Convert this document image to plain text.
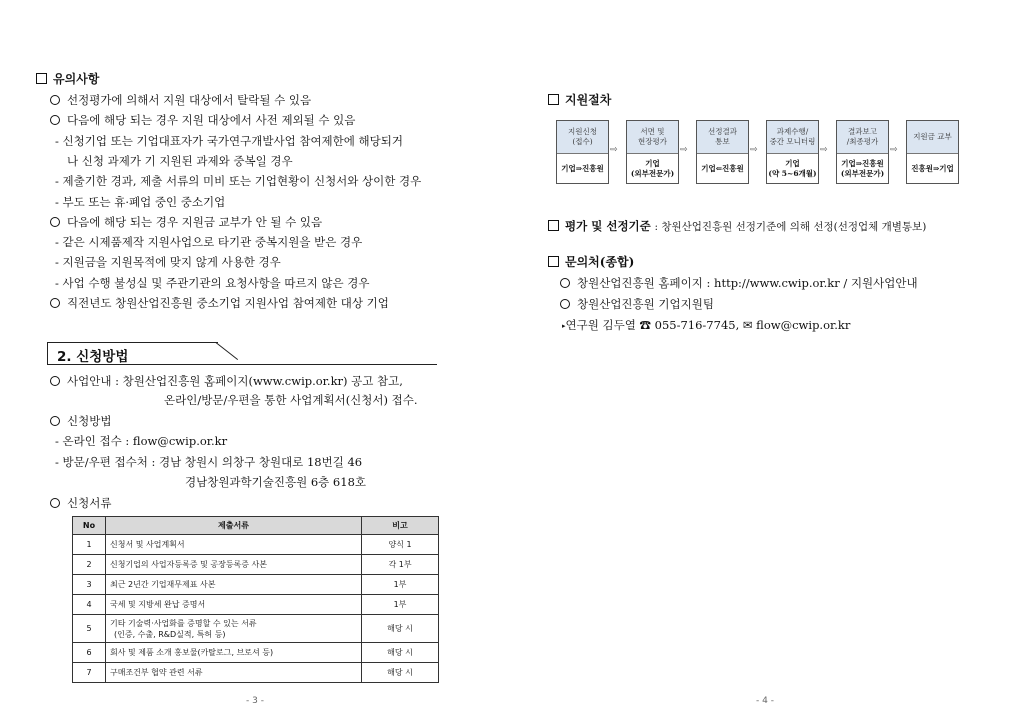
유의사항
선정평가에 의해서 지원 대상에서 탈락될 수 있음
다음에 해당 되는 경우 지원 대상에서 사전 제외될 수 있음
- 신청기업 또는 기업대표자가 국가연구개발사업 참여제한에 해당되거
나 신청 과제가 기 지원된 과제와 중복일 경우
- 제출기한 경과, 제출 서류의 미비 또는 기업현황이 신청서와 상이한 경우
- 부도 또는 휴·폐업 중인 중소기업
다음에 해당 되는 경우 지원금 교부가 안 될 수 있음
- 같은 시제품제작 지원사업으로 타기관 중복지원을 받은 경우
- 지원금을 지원목적에 맞지 않게 사용한 경우
- 사업 수행 불성실 및 주관기관의 요청사항을 따르지 않은 경우
직전년도 창원산업진흥원 중소기업 지원사업 참여제한 대상 기업
2. 신청방법
사업안내 : 창원산업진흥원 홈페이지(www.cwip.or.kr) 공고 참고,
온라인/방문/우편을 통한 사업계획서(신청서) 접수.
신청방법
- 온라인 접수 : flow@cwip.or.kr
- 방문/우편 접수처 : 경남 창원시 의창구 창원대로 18번길 46
경남창원과학기술진흥원 6층 618호
신청서류
No	제출서류	비고
1	신청서 및 사업계획서	양식 1
2	신청기업의 사업자등록증 및 공장등록증 사본	각 1부
3	최근 2년간 기업재무제표 사본	1부
4	국세 및 지방세 완납 증명서	1부
5	기타 기술력·사업화를 증명할 수 있는 서류
(인증, 수출, R&D실적, 특허 등)	해당 시
6	회사 및 제품 소개 홍보물(카탈로그, 브로셔 등)	해당 시
7	구매조건부 협약 관련 서류	해당 시
- 3 -
지원절차
지원신청
(접수)
기업⇒진흥원
⇨
서면 및
현장평가
기업
(외부전문가)
⇨
선정결과
통보
기업⇐진흥원
⇨
과제수행/
중간 모니터링
기업
(약 5~6개월)
⇨
결과보고
/최종평가
기업⇒진흥원
(외부전문가)
⇨
지원금 교부
진흥원⇒기업
평가 및 선정기준 : 창원산업진흥원 선정기준에 의해 선정(선정업체 개별통보)
문의처(종합)
창원산업진흥원 홈페이지 : http://www.cwip.or.kr / 지원사업안내
창원산업진흥원 기업지원팀
▸연구원 김두열 ☎ 055-716-7745, ✉ flow@cwip.or.kr
- 4 -
